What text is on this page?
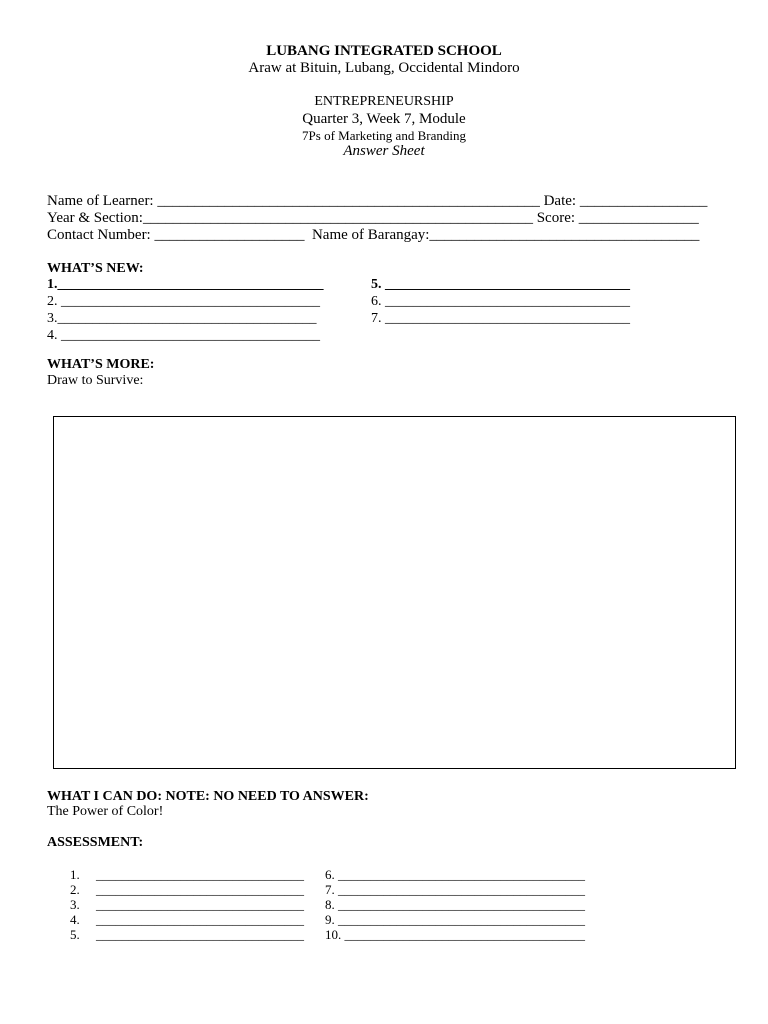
LUBANG INTEGRATED SCHOOL
Araw at Bituin, Lubang, Occidental Mindoro
ENTREPRENEURSHIP
Quarter 3, Week 7, Module
7Ps of Marketing and Branding
Answer Sheet
Name of Learner: ___________________________________________________ Date: _________________
Year & Section:____________________________________________________ Score: ________________
Contact Number: ____________________  Name of Barangay:____________________________________
WHAT’S NEW:
1.______________________________________
2. _____________________________________
3._____________________________________
4. _____________________________________
5. ___________________________________
6. ___________________________________
7. ___________________________________
WHAT’S MORE:
Draw to Survive:
WHAT I CAN DO: NOTE: NO NEED TO ANSWER:
The Power of Color!
ASSESSMENT:
1.     ________________________________
2.     ________________________________
3.     ________________________________
4.     ________________________________
5.     ________________________________
6. ______________________________________
7. ______________________________________
8. ______________________________________
9. ______________________________________
10. _____________________________________
